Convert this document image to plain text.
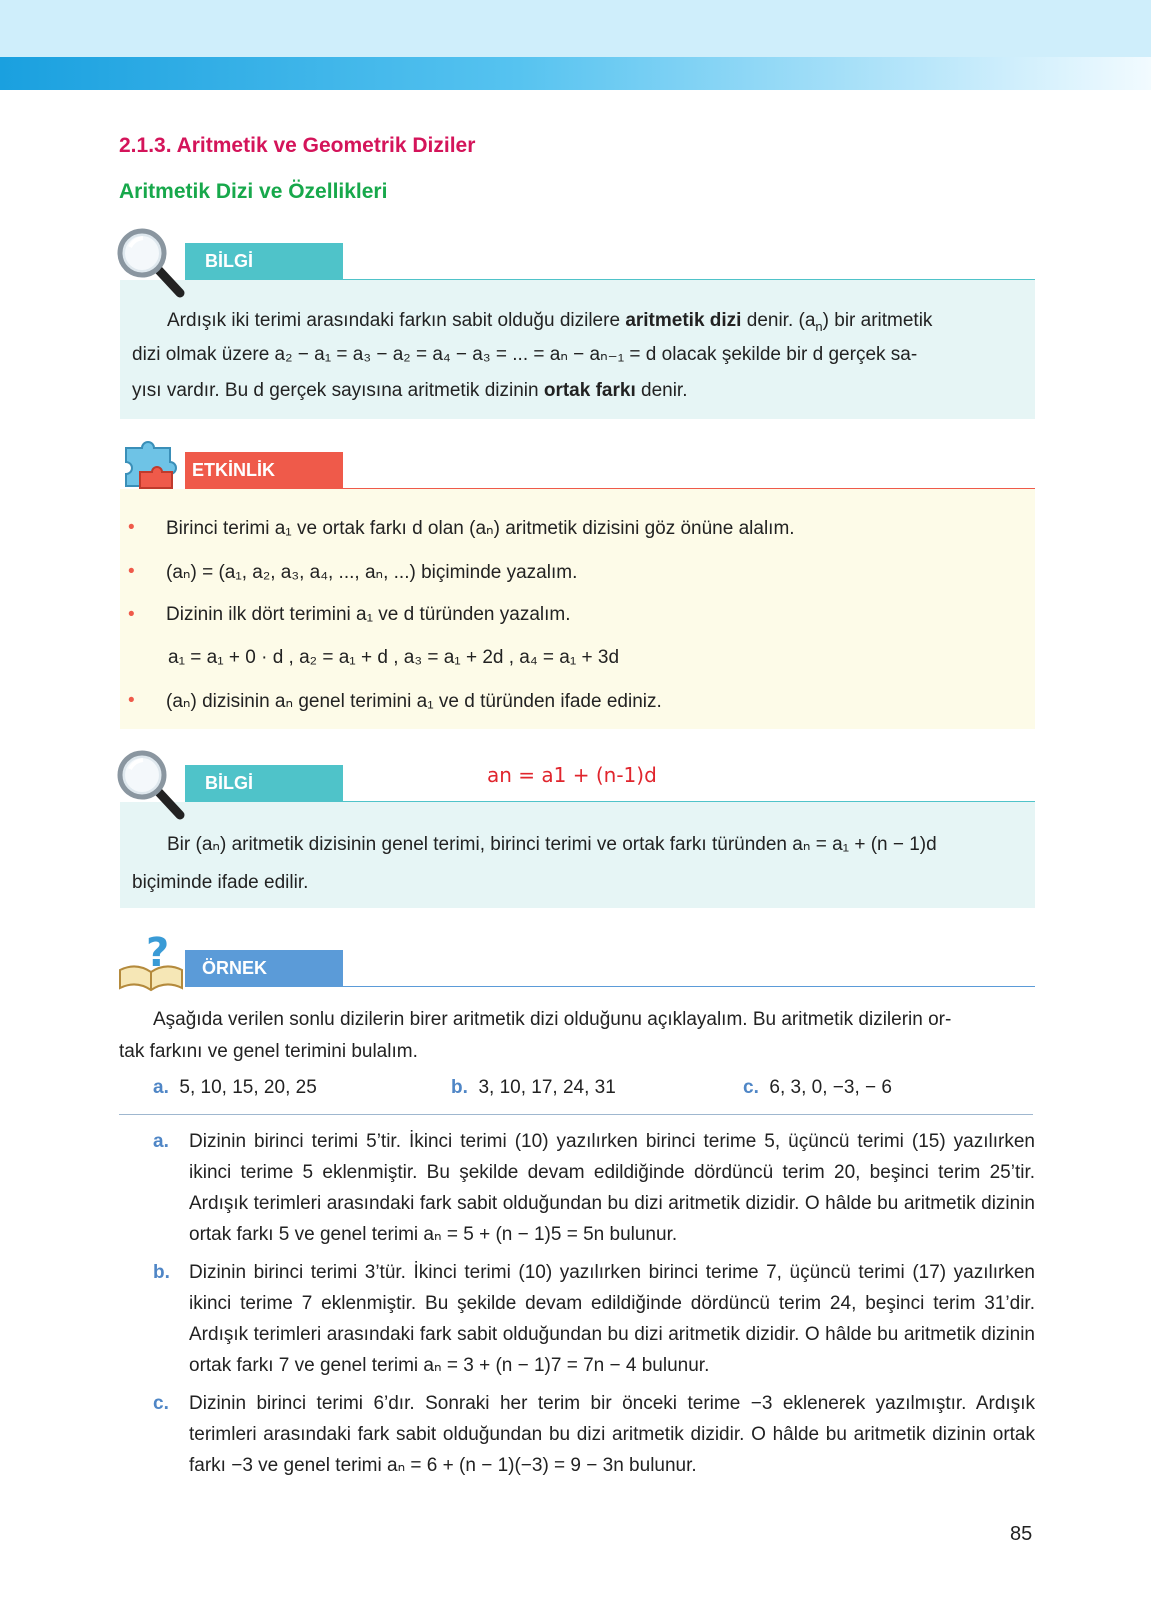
2.1.3. Aritmetik ve Geometrik Diziler
Aritmetik Dizi ve Özellikleri
BİLGİ
Ardışık iki terimi arasındaki farkın sabit olduğu dizilere aritmetik dizi denir. $(a_n)$ bir aritmetik
dizi olmak üzere a₂ − a₁ = a₃ − a₂ = a₄ − a₃ = ... = aₙ − aₙ₋₁ = d olacak şekilde bir d gerçek sa-
yısı vardır. Bu d gerçek sayısına aritmetik dizinin ortak farkı denir.
ETKİNLİK
• Birinci terimi a₁ ve ortak farkı d olan (aₙ) aritmetik dizisini göz önüne alalım.
• (aₙ) = (a₁, a₂, a₃, a₄, ..., aₙ, ...) biçiminde yazalım.
• Dizinin ilk dört terimini a₁ ve d türünden yazalım.
a₁ = a₁ + 0 · d , a₂ = a₁ + d , a₃ = a₁ + 2d , a₄ = a₁ + 3d
• (aₙ) dizisinin aₙ genel terimini a₁ ve d türünden ifade ediniz.
BİLGİ	an = a1 + (n-1)d
Bir (aₙ) aritmetik dizisinin genel terimi, birinci terimi ve ortak farkı türünden aₙ = a₁ + (n − 1)d
biçiminde ifade edilir.
ÖRNEK
?
Aşağıda verilen sonlu dizilerin birer aritmetik dizi olduğunu açıklayalım. Bu aritmetik dizilerin or-
tak farkını ve genel terimini bulalım.
a. 5, 10, 15, 20, 25	b. 3, 10, 17, 24, 31	c. 6, 3, 0, −3, − 6
a. Dizinin birinci terimi 5’tir. İkinci terimi (10) yazılırken birinci terime 5, üçüncü terimi (15) yazılırken ikinci terime 5 eklenmiştir. Bu şekilde devam edildiğinde dördüncü terim 20, beşinci terim 25’tir. Ardışık terimleri arasındaki fark sabit olduğundan bu dizi aritmetik dizidir. O hâlde bu aritmetik dizinin ortak farkı 5 ve genel terimi aₙ = 5 + (n − 1)5 = 5n bulunur.
b. Dizinin birinci terimi 3’tür. İkinci terimi (10) yazılırken birinci terime 7, üçüncü terimi (17) yazılırken ikinci terime 7 eklenmiştir. Bu şekilde devam edildiğinde dördüncü terim 24, beşinci terim 31’dir. Ardışık terimleri arasındaki fark sabit olduğundan bu dizi aritmetik dizidir. O hâlde bu aritmetik dizinin ortak farkı 7 ve genel terimi aₙ = 3 + (n − 1)7 = 7n − 4 bulunur.
c. Dizinin birinci terimi 6’dır. Sonraki her terim bir önceki terime −3 eklenerek yazılmıştır. Ardışık terimleri arasındaki fark sabit olduğundan bu dizi aritmetik dizidir. O hâlde bu aritmetik dizinin ortak farkı −3 ve genel terimi aₙ = 6 + (n − 1)(−3) = 9 − 3n bulunur.
85
